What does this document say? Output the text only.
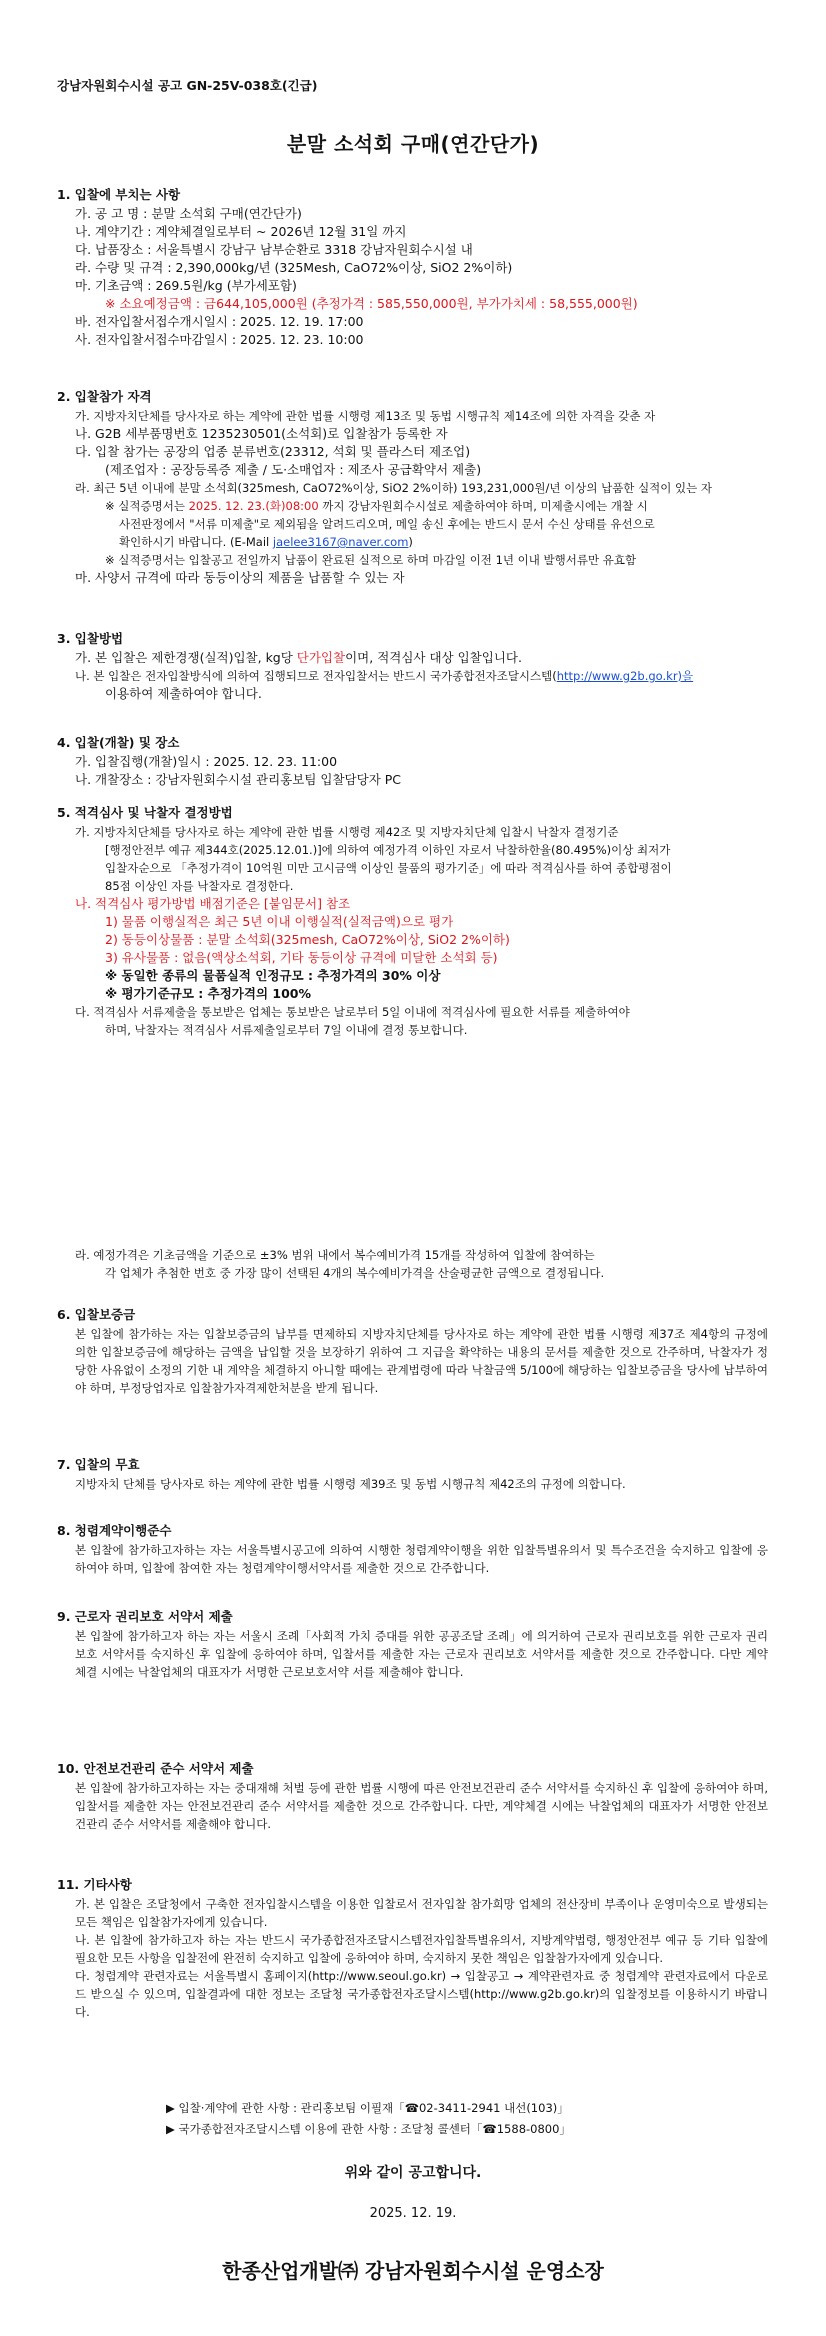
강남자원회수시설 공고 GN-25V-038호(긴급)
분말 소석회 구매(연간단가)
1. 입찰에 부치는 사항
가. 공 고 명 : 분말 소석회 구매(연간단가)
나. 계약기간 : 계약체결일로부터 ~ 2026년 12월 31일 까지
다. 납품장소 : 서울특별시 강남구 남부순환로 3318 강남자원회수시설 내
라. 수량 및 규격 : 2,390,000kg/년 (325Mesh, CaO72%이상, SiO2 2%이하)
마. 기초금액 : 269.5원/kg (부가세포함)
※ 소요예정금액 : 금644,105,000원 (추정가격 : 585,550,000원, 부가가치세 : 58,555,000원)
바. 전자입찰서접수개시일시 : 2025. 12. 19. 17:00
사. 전자입찰서접수마감일시 : 2025. 12. 23. 10:00
2. 입찰참가 자격
가. 지방자치단체를 당사자로 하는 계약에 관한 법률 시행령 제13조 및 동법 시행규칙 제14조에 의한 자격을 갖춘 자
나. G2B 세부품명번호 1235230501(소석회)로 입찰참가 등록한 자
다. 입찰 참가는 공장의 업종 분류번호(23312, 석회 및 플라스터 제조업)
(제조업자 : 공장등록증 제출 / 도·소매업자 : 제조사 공급확약서 제출)
라. 최근 5년 이내에 분말 소석회(325mesh, CaO72%이상, SiO2 2%이하) 193,231,000원/년 이상의 납품한 실적이 있는 자
※ 실적증명서는 2025. 12. 23.(화)08:00 까지 강남자원회수시설로 제출하여야 하며, 미제출시에는 개찰 시
사전판정에서 "서류 미제출"로 제외됨을 알려드리오며, 메일 송신 후에는 반드시 문서 수신 상태를 유선으로
확인하시기 바랍니다. (E-Mail jaelee3167@naver.com)
※ 실적증명서는 입찰공고 전일까지 납품이 완료된 실적으로 하며 마감일 이전 1년 이내 발행서류만 유효함
마. 사양서 규격에 따라 동등이상의 제품을 납품할 수 있는 자
3. 입찰방법
가. 본 입찰은 제한경쟁(실적)입찰, kg당 단가입찰이며, 적격심사 대상 입찰입니다.
나. 본 입찰은 전자입찰방식에 의하여 집행되므로 전자입찰서는 반드시 국가종합전자조달시스템(http://www.g2b.go.kr)을
이용하여 제출하여야 합니다.
4. 입찰(개찰) 및 장소
가. 입찰집행(개찰)일시 : 2025. 12. 23. 11:00
나. 개찰장소 : 강남자원회수시설 관리홍보팀 입찰담당자 PC
5. 적격심사 및 낙찰자 결정방법
가. 지방자치단체를 당사자로 하는 계약에 관한 법률 시행령 제42조 및 지방자치단체 입찰시 낙찰자 결정기준
[행정안전부 예규 제344호(2025.12.01.)]에 의하여 예정가격 이하인 자로서 낙찰하한율(80.495%)이상 최저가
입찰자순으로 「추정가격이 10억원 미만 고시금액 이상인 물품의 평가기준」에 따라 적격심사를 하여 종합평점이
85점 이상인 자를 낙찰자로 결정한다.
나. 적격심사 평가방법 배점기준은 [붙임문서] 참조
1) 물품 이행실적은 최근 5년 이내 이행실적(실적금액)으로 평가
2) 동등이상물품 : 분말 소석회(325mesh, CaO72%이상, SiO2 2%이하)
3) 유사물품 : 없음(액상소석회, 기타 동등이상 규격에 미달한 소석회 등)
※ 동일한 종류의 물품실적 인정규모 : 추정가격의 30% 이상
※ 평가기준규모 : 추정가격의 100%
다. 적격심사 서류제출을 통보받은 업체는 통보받은 날로부터 5일 이내에 적격심사에 필요한 서류를 제출하여야
하며, 낙찰자는 적격심사 서류제출일로부터 7일 이내에 결정 통보합니다.
라. 예정가격은 기초금액을 기준으로 ±3% 범위 내에서 복수예비가격 15개를 작성하여 입찰에 참여하는
각 업체가 추첨한 번호 중 가장 많이 선택된 4개의 복수예비가격을 산술평균한 금액으로 결정됩니다.
6. 입찰보증금
본 입찰에 참가하는 자는 입찰보증금의 납부를 면제하되 지방자치단체를 당사자로 하는 계약에 관한 법률 시행령 제37조 제4항의 규정에 의한 입찰보증금에 해당하는 금액을 납입할 것을 보장하기 위하여 그 지급을 확약하는 내용의 문서를 제출한 것으로 간주하며, 낙찰자가 정당한 사유없이 소정의 기한 내 계약을 체결하지 아니할 때에는 관계법령에 따라 낙찰금액 5/100에 해당하는 입찰보증금을 당사에 납부하여야 하며, 부정당업자로 입찰참가자격제한처분을 받게 됩니다.
7. 입찰의 무효
지방자치 단체를 당사자로 하는 계약에 관한 법률 시행령 제39조 및 동법 시행규칙 제42조의 규정에 의합니다.
8. 청렴계약이행준수
본 입찰에 참가하고자하는 자는 서울특별시공고에 의하여 시행한 청렴계약이행을 위한 입찰특별유의서 및 특수조건을 숙지하고 입찰에 응하여야 하며, 입찰에 참여한 자는 청렴계약이행서약서를 제출한 것으로 간주합니다.
9. 근로자 권리보호 서약서 제출
본 입찰에 참가하고자 하는 자는 서울시 조례「사회적 가치 증대를 위한 공공조달 조례」에 의거하여 근로자 권리보호를 위한 근로자 권리보호 서약서를 숙지하신 후 입찰에 응하여야 하며, 입찰서를 제출한 자는 근로자 권리보호 서약서를 제출한 것으로 간주합니다. 다만 계약 체결 시에는 낙찰업체의 대표자가 서명한 근로보호서약 서를 제출해야 합니다.
10. 안전보건관리 준수 서약서 제출
본 입찰에 참가하고자하는 자는 중대재해 처벌 등에 관한 법률 시행에 따른 안전보건관리 준수 서약서를 숙지하신 후 입찰에 응하여야 하며, 입찰서를 제출한 자는 안전보건관리 준수 서약서를 제출한 것으로 간주합니다. 다만, 계약체결 시에는 낙찰업체의 대표자가 서명한 안전보건관리 준수 서약서를 제출해야 합니다.
11. 기타사항
가. 본 입찰은 조달청에서 구축한 전자입찰시스템을 이용한 입찰로서 전자입찰 참가희망 업체의 전산장비 부족이나 운영미숙으로 발생되는 모든 책임은 입찰참가자에게 있습니다.
나. 본 입찰에 참가하고자 하는 자는 반드시 국가종합전자조달시스템전자입찰특별유의서, 지방계약법령, 행정안전부 예규 등 기타 입찰에 필요한 모든 사항을 입찰전에 완전히 숙지하고 입찰에 응하여야 하며, 숙지하지 못한 책임은 입찰참가자에게 있습니다.
다. 청렴계약 관련자료는 서울특별시 홈페이지(http://www.seoul.go.kr) → 입찰공고 → 계약관련자료 중 청렴계약 관련자료에서 다운로드 받으실 수 있으며, 입찰결과에 대한 정보는 조달청 국가종합전자조달시스템(http://www.g2b.go.kr)의 입찰정보를 이용하시기 바랍니다.
▶ 입찰·계약에 관한 사항 : 관리홍보팀 이필재「☎02-3411-2941 내선(103)」
▶ 국가종합전자조달시스템 이용에 관한 사항 : 조달청 콜센터「☎1588-0800」
위와 같이 공고합니다.
2025. 12. 19.
한종산업개발㈜ 강남자원회수시설 운영소장
